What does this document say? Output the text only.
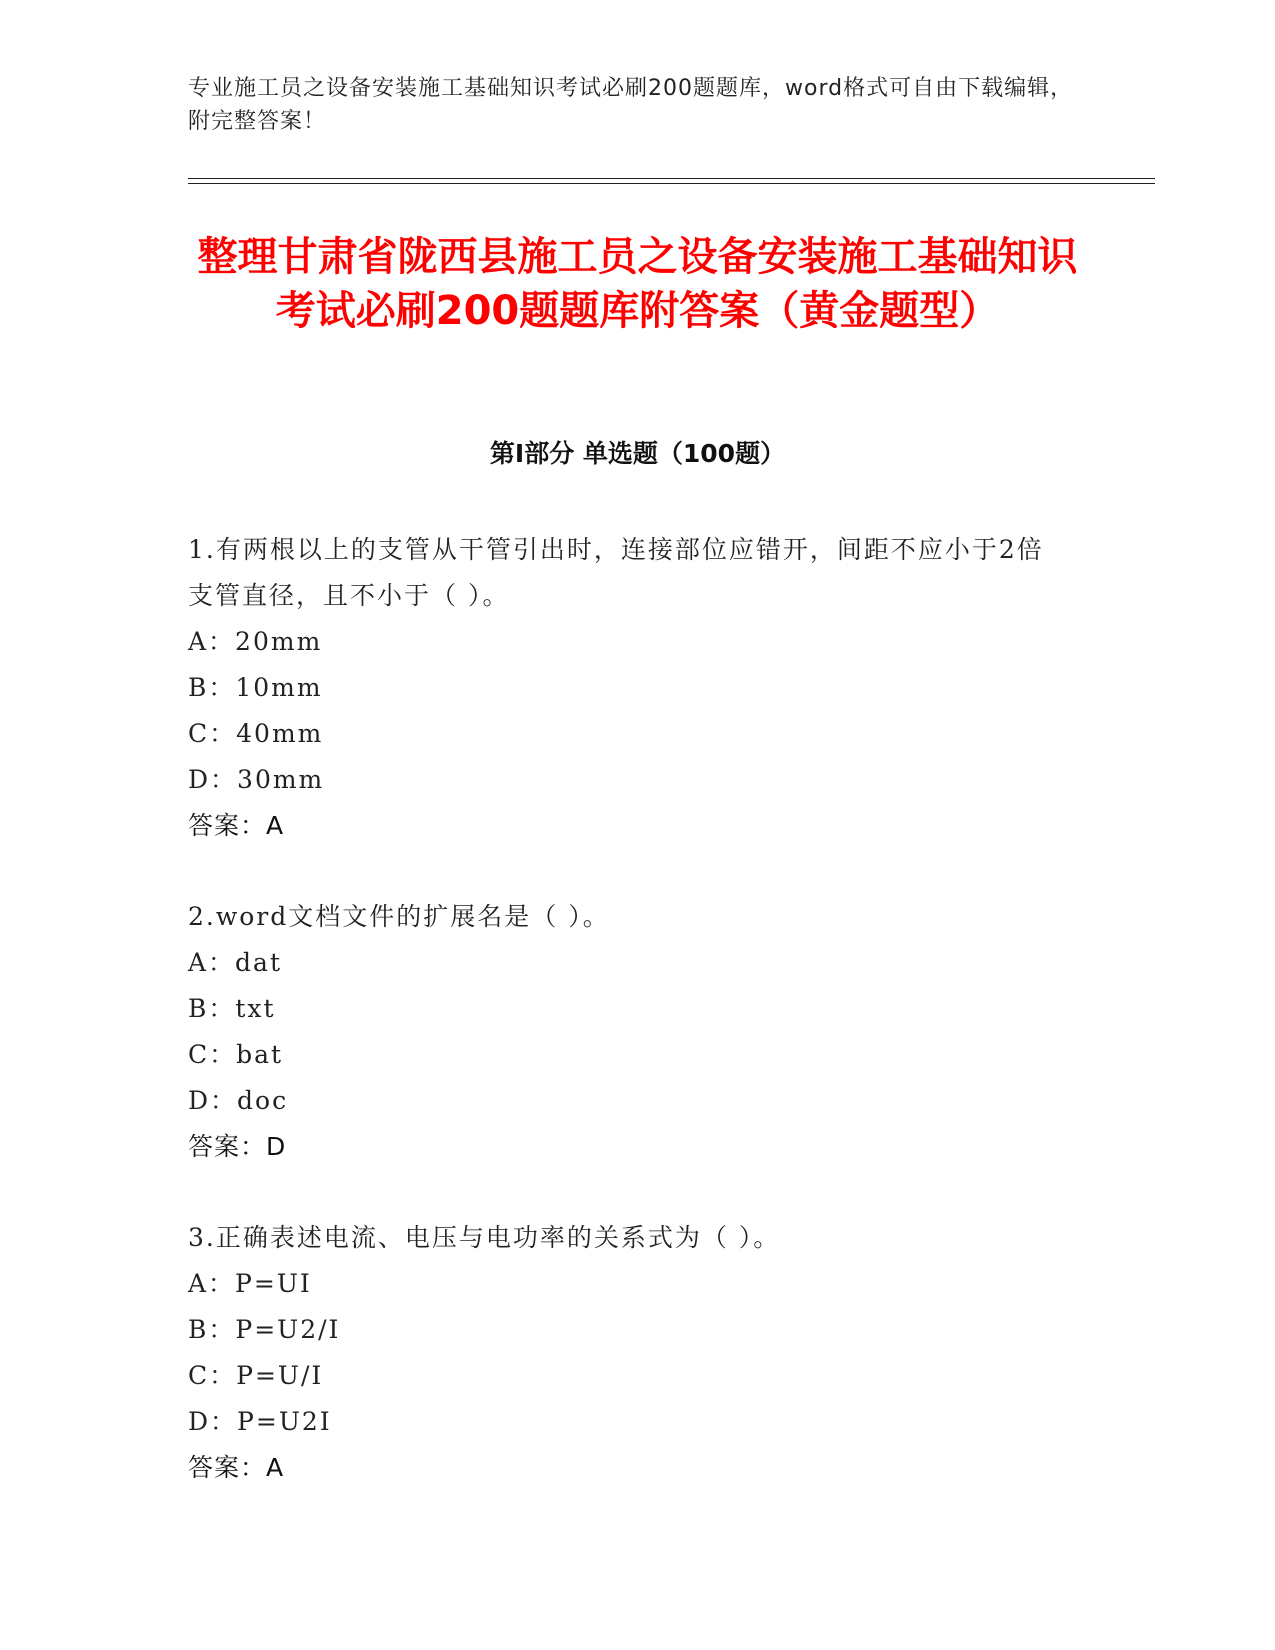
专业施工员之设备安装施工基础知识考试必刷200题题库，word格式可自由下载编辑，附完整答案！
整理甘肃省陇西县施工员之设备安装施工基础知识考试必刷200题题库附答案（黄金题型）
第I部分 单选题（100题）
1.有两根以上的支管从干管引出时，连接部位应错开，间距不应小于2倍支管直径，且不小于（ ）。
A：20mm
B：10mm
C：40mm
D：30mm
答案：A
2.word文档文件的扩展名是（ ）。
A：dat
B：txt
C：bat
D：doc
答案：D
3.正确表述电流、电压与电功率的关系式为（ ）。
A：P=UI
B：P=U2/I
C：P=U/I
D：P=U2I
答案：A
